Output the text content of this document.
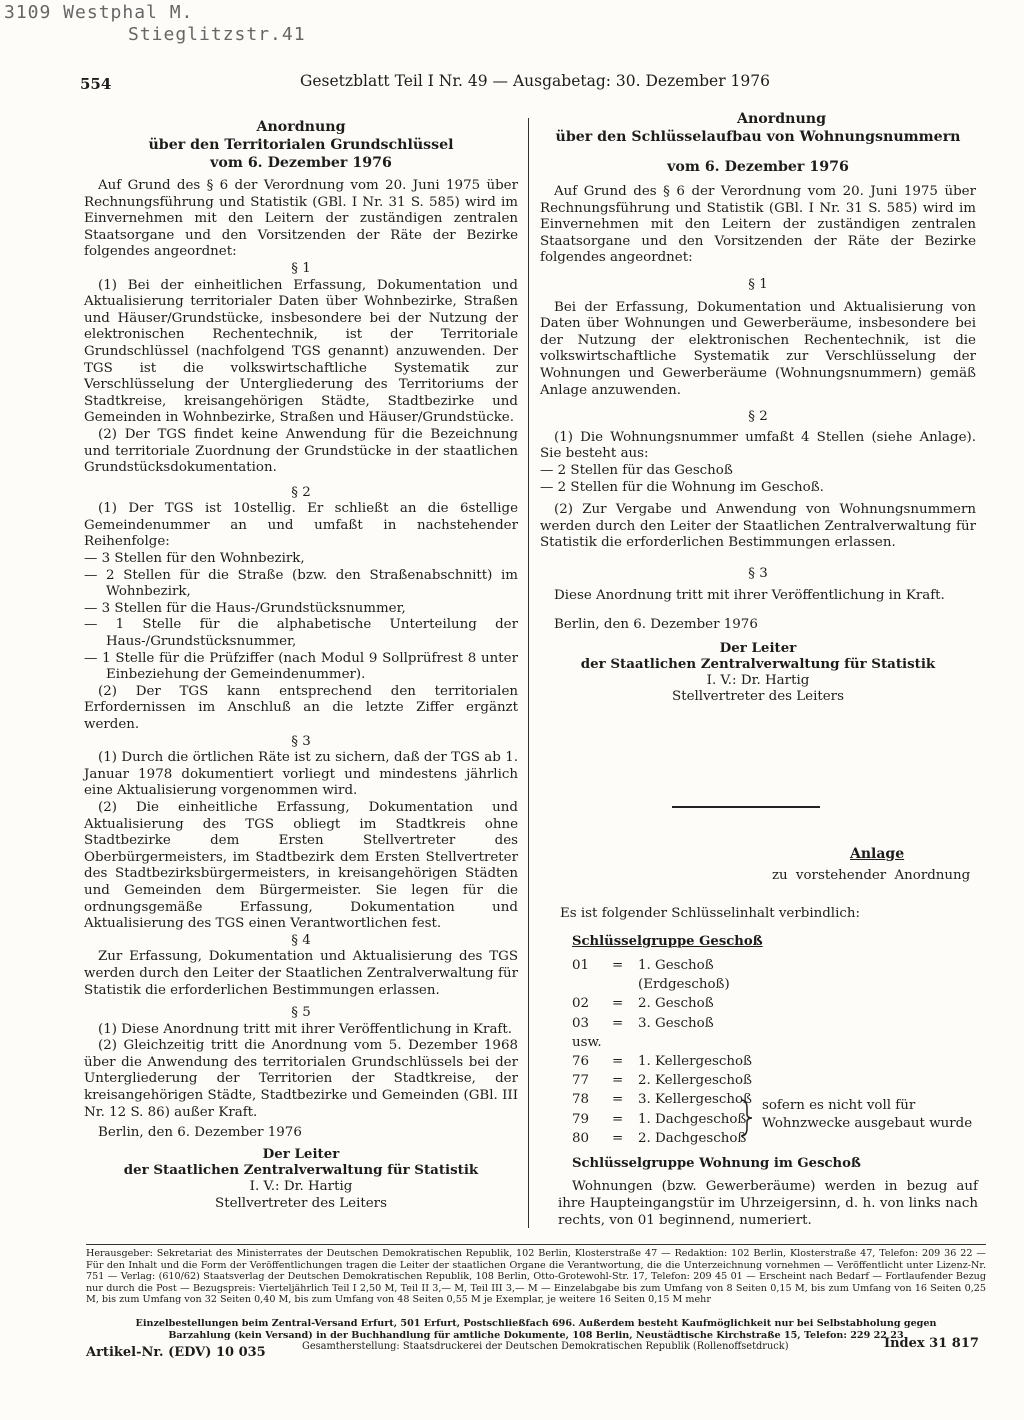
3109 Westphal M.
Stieglitzstr.41
554	Gesetzblatt Teil I Nr. 49 — Ausgabetag: 30. Dezember 1976

Anordnung

über den Territorialen Grundschlüssel

vom 6. Dezember 1976

Auf Grund des § 6 der Verordnung vom 20. Juni 1975 über Rechnungsführung und Statistik (GBl. I Nr. 31 S. 585) wird im Einvernehmen mit den Leitern der zuständigen zentralen Staatsorgane und den Vorsitzenden der Räte der Bezirke folgendes angeordnet:

§ 1

(1) Bei der einheitlichen Erfassung, Dokumentation und Aktualisierung territorialer Daten über Wohnbezirke, Straßen und Häuser/Grundstücke, insbesondere bei der Nutzung der elektronischen Rechentechnik, ist der Territoriale Grundschlüssel (nachfolgend TGS genannt) anzuwenden. Der TGS ist die volkswirtschaftliche Systematik zur Verschlüsselung der Untergliederung des Territoriums der Stadtkreise, kreisangehörigen Städte, Stadtbezirke und Gemeinden in Wohnbezirke, Straßen und Häuser/Grundstücke.

(2) Der TGS findet keine Anwendung für die Bezeichnung und territoriale Zuordnung der Grundstücke in der staatlichen Grundstücksdokumentation.

§ 2

(1) Der TGS ist 10stellig. Er schließt an die 6stellige Gemeindenummer an und umfaßt in nachstehender Reihenfolge:

— 3 Stellen für den Wohnbezirk,

— 2 Stellen für die Straße (bzw. den Straßenabschnitt) im Wohnbezirk,

— 3 Stellen für die Haus-/Grundstücksnummer,

— 1 Stelle für die alphabetische Unterteilung der Haus-/Grundstücksnummer,

— 1 Stelle für die Prüfziffer (nach Modul 9 Sollprüfrest 8 unter Einbeziehung der Gemeindenummer).

(2) Der TGS kann entsprechend den territorialen Erfordernissen im Anschluß an die letzte Ziffer ergänzt werden.

§ 3

(1) Durch die örtlichen Räte ist zu sichern, daß der TGS ab 1. Januar 1978 dokumentiert vorliegt und mindestens jährlich eine Aktualisierung vorgenommen wird.

(2) Die einheitliche Erfassung, Dokumentation und Aktualisierung des TGS obliegt im Stadtkreis ohne Stadtbezirke dem Ersten Stellvertreter des Oberbürgermeisters, im Stadtbezirk dem Ersten Stellvertreter des Stadtbezirksbürgermeisters, in kreisangehörigen Städten und Gemeinden dem Bürgermeister. Sie legen für die ordnungsgemäße Erfassung, Dokumentation und Aktualisierung des TGS einen Verantwortlichen fest.

§ 4

Zur Erfassung, Dokumentation und Aktualisierung des TGS werden durch den Leiter der Staatlichen Zentralverwaltung für Statistik die erforderlichen Bestimmungen erlassen.

§ 5

(1) Diese Anordnung tritt mit ihrer Veröffentlichung in Kraft.

(2) Gleichzeitig tritt die Anordnung vom 5. Dezember 1968 über die Anwendung des territorialen Grundschlüssels bei der Untergliederung der Territorien der Stadtkreise, der kreisangehörigen Städte, Stadtbezirke und Gemeinden (GBl. III Nr. 12 S. 86) außer Kraft.

Berlin, den 6. Dezember 1976

Der Leiter

der Staatlichen Zentralverwaltung für Statistik

I. V.: Dr. Hartig

Stellvertreter des Leiters

Anordnung

über den Schlüsselaufbau von Wohnungsnummern

vom 6. Dezember 1976

Auf Grund des § 6 der Verordnung vom 20. Juni 1975 über Rechnungsführung und Statistik (GBl. I Nr. 31 S. 585) wird im Einvernehmen mit den Leitern der zuständigen zentralen Staatsorgane und den Vorsitzenden der Räte der Bezirke folgendes angeordnet:

§ 1

Bei der Erfassung, Dokumentation und Aktualisierung von Daten über Wohnungen und Gewerberäume, insbesondere bei der Nutzung der elektronischen Rechentechnik, ist die volkswirtschaftliche Systematik zur Verschlüsselung der Wohnungen und Gewerberäume (Wohnungsnummern) gemäß Anlage anzuwenden.

§ 2

(1) Die Wohnungsnummer umfaßt 4 Stellen (siehe Anlage). Sie besteht aus:

— 2 Stellen für das Geschoß

— 2 Stellen für die Wohnung im Geschoß.

(2) Zur Vergabe und Anwendung von Wohnungsnummern werden durch den Leiter der Staatlichen Zentralverwaltung für Statistik die erforderlichen Bestimmungen erlassen.

§ 3

Diese Anordnung tritt mit ihrer Veröffentlichung in Kraft.

Berlin, den 6. Dezember 1976

Der Leiter

der Staatlichen Zentralverwaltung für Statistik

I. V.: Dr. Hartig

Stellvertreter des Leiters

Anlage
zu vorstehender Anordnung
Es ist folgender Schlüsselinhalt verbindlich:
Schlüsselgruppe Geschoß
01	=	1. Geschoß (Erdgeschoß)
02	=	2. Geschoß
03	=	3. Geschoß
usw.		
76	=	1. Kellergeschoß
77	=	2. Kellergeschoß
78	=	3. Kellergeschoß
79	=	1. Dachgeschoß
80	=	2. Dachgeschoß
sofern es nicht voll für
Wohnzwecke ausgebaut wurde
Schlüsselgruppe Wohnung im Geschoß
Wohnungen (bzw. Gewerberäume) werden in bezug auf ihre Haupteingangstür im Uhrzeigersinn, d. h. von links nach rechts, von 01 beginnend, numeriert.
Herausgeber: Sekretariat des Ministerrates der Deutschen Demokratischen Republik, 102 Berlin, Klosterstraße 47 — Redaktion: 102 Berlin, Klosterstraße 47, Telefon: 209 36 22 — Für den Inhalt und die Form der Veröffentlichungen tragen die Leiter der staatlichen Organe die Verantwortung, die die Unterzeichnung vornehmen — Veröffentlicht unter Lizenz-Nr. 751 — Verlag: (610/62) Staatsverlag der Deutschen Demokratischen Republik, 108 Berlin, Otto-Grotewohl-Str. 17, Telefon: 209 45 01 — Erscheint nach Bedarf — Fortlaufender Bezug nur durch die Post — Bezugspreis: Vierteljährlich Teil I 2,50 M, Teil II 3,— M, Teil III 3,— M — Einzelabgabe bis zum Umfang von 8 Seiten 0,15 M, bis zum Umfang von 16 Seiten 0,25 M, bis zum Umfang von 32 Seiten 0,40 M, bis zum Umfang von 48 Seiten 0,55 M je Exemplar, je weitere 16 Seiten 0,15 M mehr
Einzelbestellungen beim Zentral-Versand Erfurt, 501 Erfurt, Postschließfach 696. Außerdem besteht Kaufmöglichkeit nur bei Selbstabholung gegen Barzahlung (kein Versand) in der Buchhandlung für amtliche Dokumente, 108 Berlin, Neustädtische Kirchstraße 15, Telefon: 229 22 23
Artikel-Nr. (EDV) 10 035	Gesamtherstellung: Staatsdruckerei der Deutschen Demokratischen Republik (Rollenoffsetdruck)	Index 31 817
